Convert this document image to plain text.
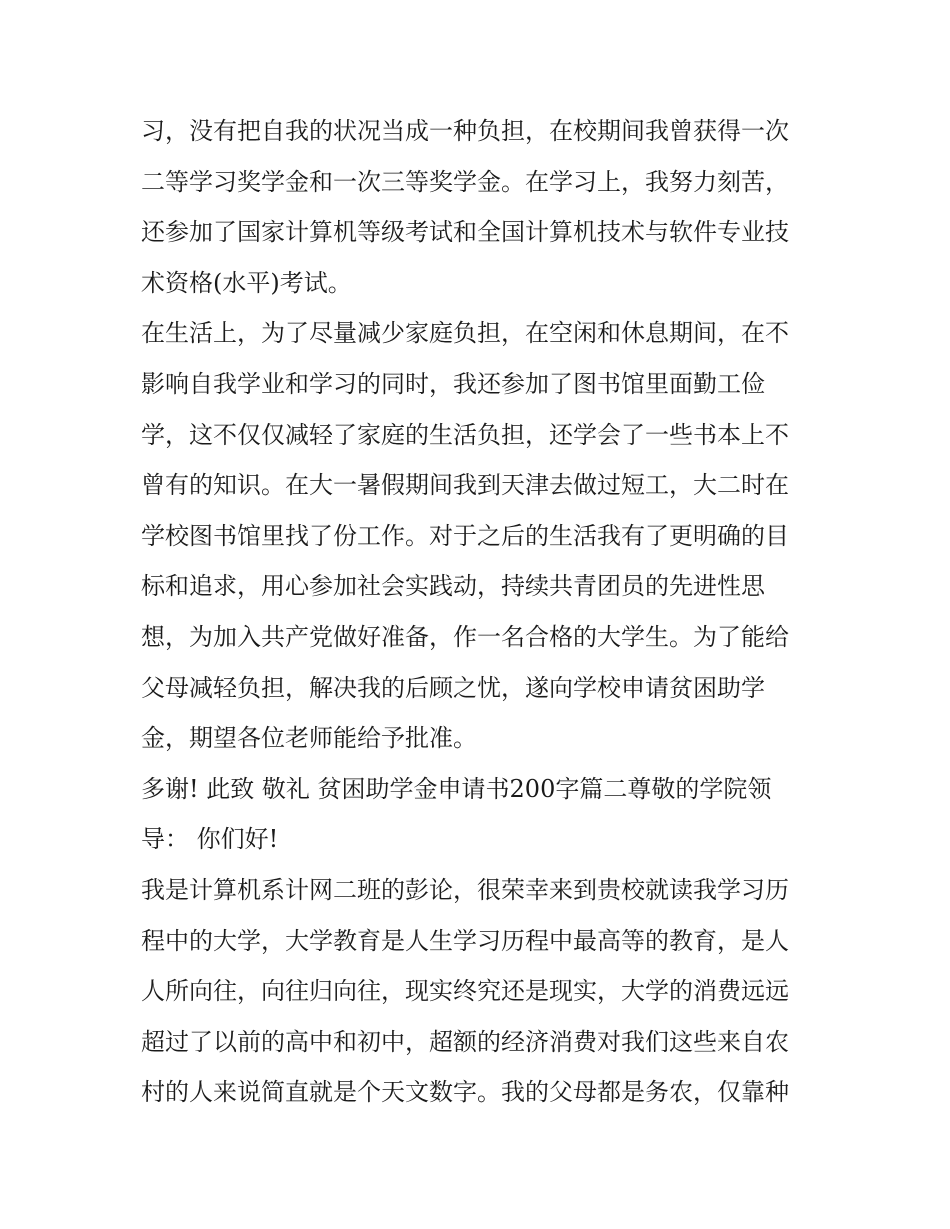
习，没有把自我的状况当成一种负担，在校期间我曾获得一次
二等学习奖学金和一次三等奖学金。在学习上，我努力刻苦，
还参加了国家计算机等级考试和全国计算机技术与软件专业技
术资格(水平)考试。
在生活上，为了尽量减少家庭负担，在空闲和休息期间，在不
影响自我学业和学习的同时，我还参加了图书馆里面勤工俭
学，这不仅仅减轻了家庭的生活负担，还学会了一些书本上不
曾有的知识。在大一暑假期间我到天津去做过短工，大二时在
学校图书馆里找了份工作。对于之后的生活我有了更明确的目
标和追求，用心参加社会实践动，持续共青团员的先进性思
想，为加入共产党做好准备，作一名合格的大学生。为了能给
父母减轻负担，解决我的后顾之忧，遂向学校申请贫困助学
金，期望各位老师能给予批准。
多谢! 此致 敬礼 贫困助学金申请书200字篇二尊敬的学院领
导： 你们好!
我是计算机系计网二班的彭论，很荣幸来到贵校就读我学习历
程中的大学，大学教育是人生学习历程中最高等的教育，是人
人所向往，向往归向往，现实终究还是现实，大学的消费远远
超过了以前的高中和初中，超额的经济消费对我们这些来自农
村的人来说简直就是个天文数字。我的父母都是务农，仅靠种
